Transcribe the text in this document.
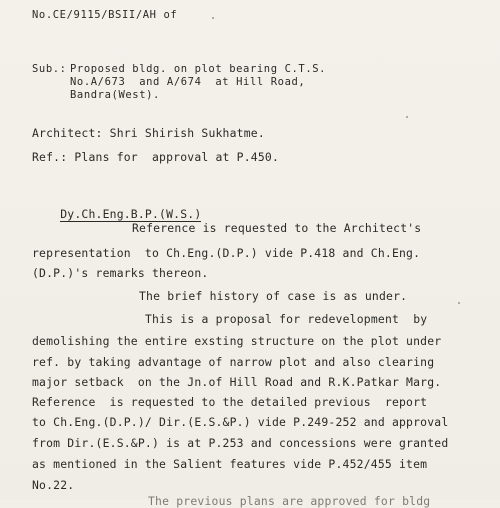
No.CE/9115/BSII/AH of
Sub.: Proposed bldg. on plot bearing C.T.S.
No.A/673  and A/674  at Hill Road,
Bandra(West).
Architect: Shri Shirish Sukhatme.
Ref.: Plans for  approval at P.450.

Dy.Ch.Eng.B.P.(W.S.)

Reference is requested to the Architect's
representation  to Ch.Eng.(D.P.) vide P.418 and Ch.Eng.
(D.P.)'s remarks thereon.
The brief history of case is as under.
This is a proposal for redevelopment  by
demolishing the entire exsting structure on the plot under
ref. by taking advantage of narrow plot and also clearing
major setback  on the Jn.of Hill Road and R.K.Patkar Marg.
Reference  is requested to the detailed previous  report
to Ch.Eng.(D.P.)/ Dir.(E.S.&P.) vide P.249-252 and approval
from Dir.(E.S.&P.) is at P.253 and concessions were granted
as mentioned in the Salient features vide P.452/455 item
No.22.
The previous plans are approved for bldg
